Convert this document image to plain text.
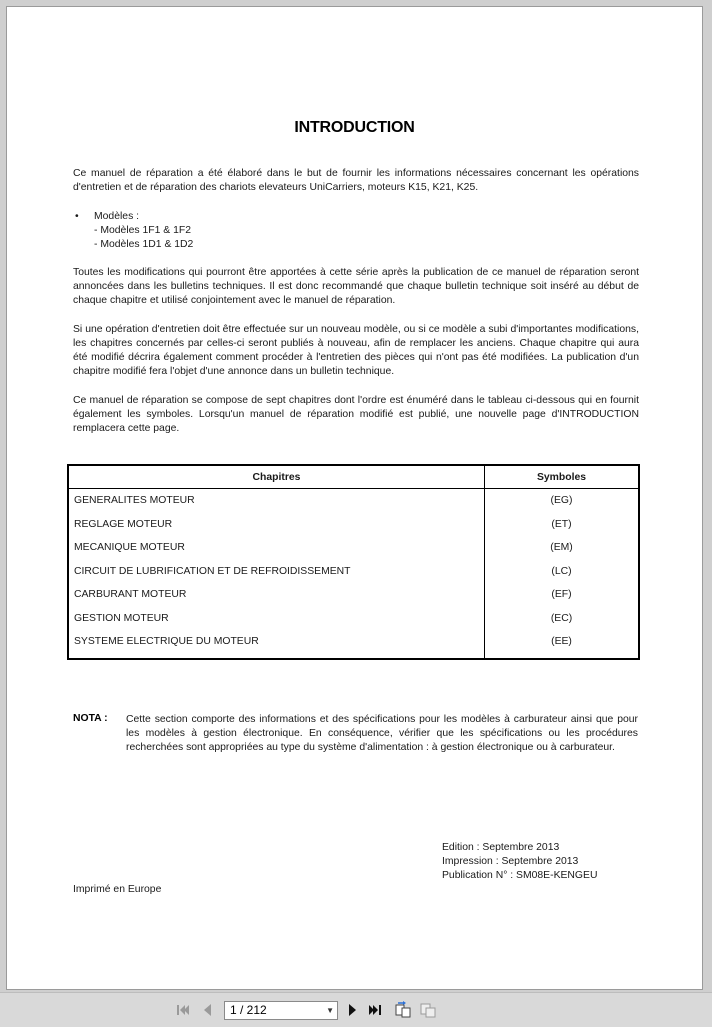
INTRODUCTION
Ce manuel de réparation a été élaboré dans le but de fournir les informations nécessaires concernant les opérations d'entretien et de réparation des chariots elevateurs UniCarriers, moteurs K15, K21, K25.
• Modèles :
- Modèles 1F1 & 1F2
- Modèles 1D1 & 1D2
Toutes les modifications qui pourront être apportées à cette série après la publication de ce manuel de réparation seront annoncées dans les bulletins techniques. Il est donc recommandé que chaque bulletin technique soit inséré au début de chaque chapitre et utilisé conjointement avec le manuel de réparation.
Si une opération d'entretien doit être effectuée sur un nouveau modèle, ou si ce modèle a subi d'importantes modifications, les chapitres concernés par celles-ci seront publiés à nouveau, afin de remplacer les anciens. Chaque chapitre qui aura été modifié décrira également comment procéder à l'entretien des pièces qui n'ont pas été modifiées. La publication d'un chapitre modifié fera l'objet d'une annonce dans un bulletin technique.
Ce manuel de réparation se compose de sept chapitres dont l'ordre est énuméré dans le tableau ci-dessous qui en fournit également les symboles. Lorsqu'un manuel de réparation modifié est publié, une nouvelle page d'INTRODUCTION remplacera cette page.
Chapitres	Symboles
GENERALITES MOTEUR	(EG)
REGLAGE MOTEUR	(ET)
MECANIQUE MOTEUR	(EM)
CIRCUIT DE LUBRIFICATION ET DE REFROIDISSEMENT	(LC)
CARBURANT MOTEUR	(EF)
GESTION MOTEUR	(EC)
SYSTEME ELECTRIQUE DU MOTEUR	(EE)
NOTA : Cette section comporte des informations et des spécifications pour les modèles à carburateur ainsi que pour les modèles à gestion électronique. En conséquence, vérifier que les spécifications ou les procédures recherchées sont appropriées au type du système d'alimentation : à gestion électronique ou à carburateur.
Edition : Septembre 2013
Impression : Septembre 2013
Publication N° : SM08E-KENGEU
Imprimé en Europe
1 / 212	▼
